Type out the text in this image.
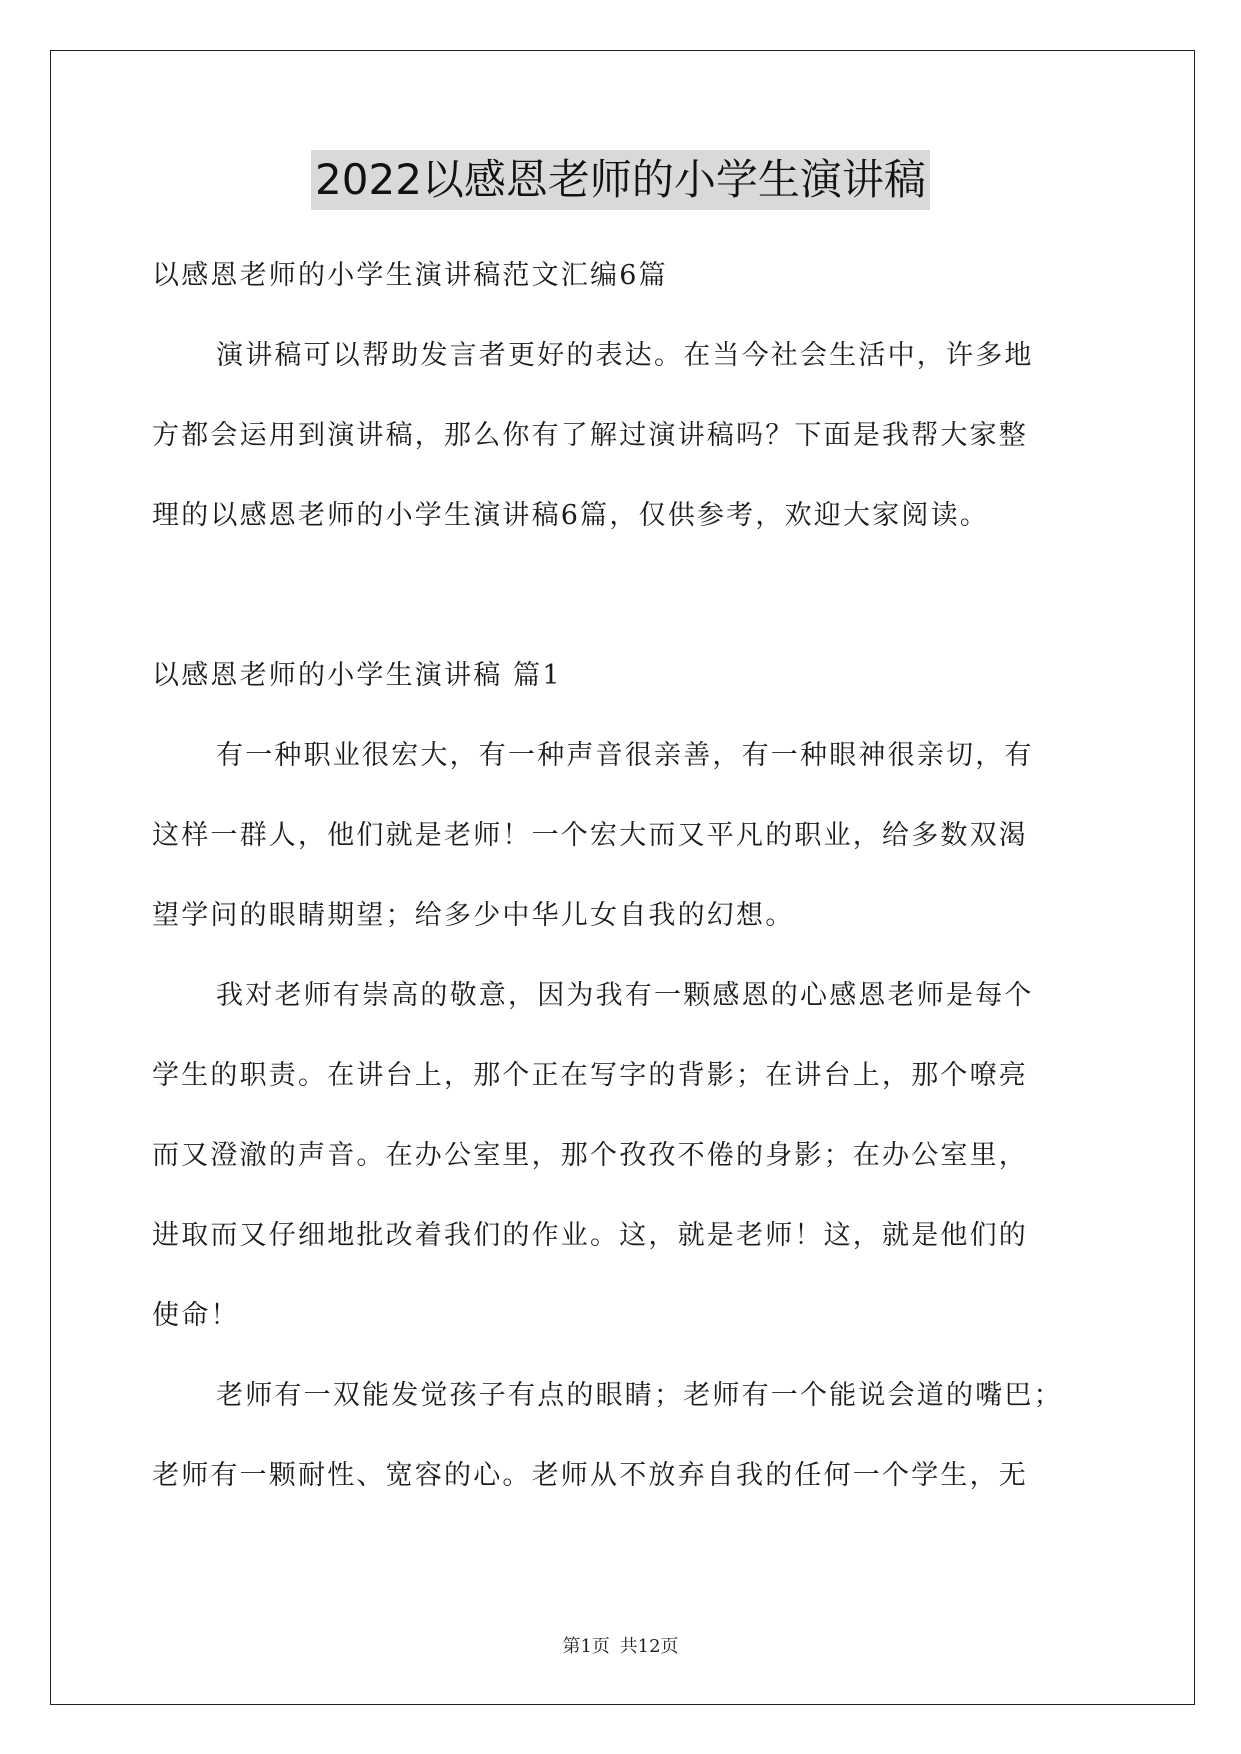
2022以感恩老师的小学生演讲稿
以感恩老师的小学生演讲稿范文汇编6篇
演讲稿可以帮助发言者更好的表达。在当今社会生活中，许多地
方都会运用到演讲稿，那么你有了解过演讲稿吗？下面是我帮大家整
理的以感恩老师的小学生演讲稿6篇，仅供参考，欢迎大家阅读。
以感恩老师的小学生演讲稿 篇1
有一种职业很宏大，有一种声音很亲善，有一种眼神很亲切，有
这样一群人，他们就是老师！一个宏大而又平凡的职业，给多数双渴
望学问的眼睛期望；给多少中华儿女自我的幻想。
我对老师有崇高的敬意，因为我有一颗感恩的心感恩老师是每个
学生的职责。在讲台上，那个正在写字的背影；在讲台上，那个嘹亮
而又澄澈的声音。在办公室里，那个孜孜不倦的身影；在办公室里，
进取而又仔细地批改着我们的作业。这，就是老师！这，就是他们的
使命！
老师有一双能发觉孩子有点的眼睛；老师有一个能说会道的嘴巴；
老师有一颗耐性、宽容的心。老师从不放弃自我的任何一个学生，无
第1页 共12页
